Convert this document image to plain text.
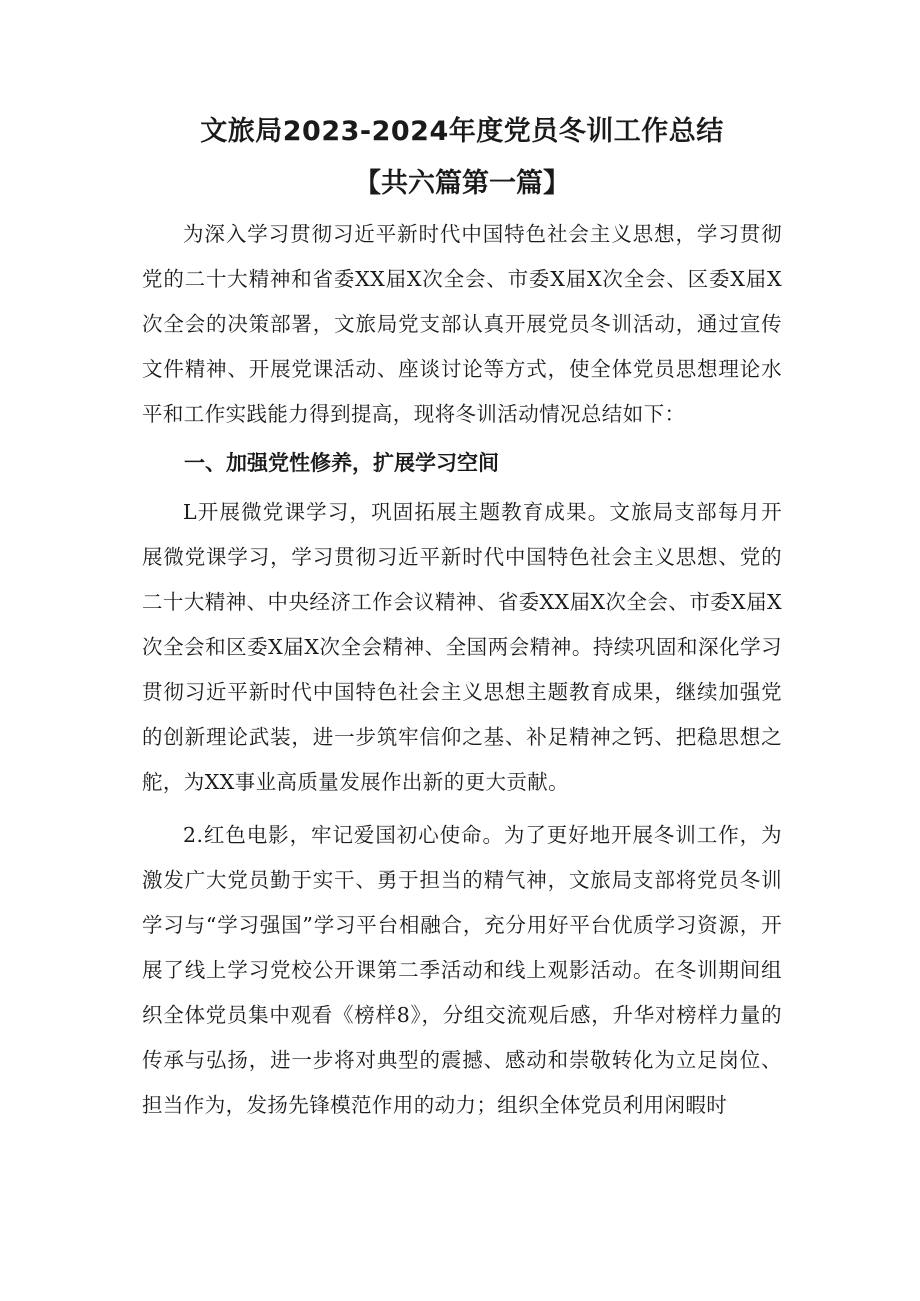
文旅局2023-2024年度党员冬训工作总结
【共六篇第一篇】

为深入学习贯彻习近平新时代中国特色社会主义思想，学习贯彻党的二十大精神和省委XX届X次全会、市委X届X次全会、区委X届X次全会的决策部署，文旅局党支部认真开展党员冬训活动，通过宣传文件精神、开展党课活动、座谈讨论等方式，使全体党员思想理论水平和工作实践能力得到提高，现将冬训活动情况总结如下：

一、加强党性修养，扩展学习空间

L开展微党课学习，巩固拓展主题教育成果。文旅局支部每月开展微党课学习，学习贯彻习近平新时代中国特色社会主义思想、党的二十大精神、中央经济工作会议精神、省委XX届X次全会、市委X届X次全会和区委X届X次全会精神、全国两会精神。持续巩固和深化学习贯彻习近平新时代中国特色社会主义思想主题教育成果，继续加强党的创新理论武装，进一步筑牢信仰之基、补足精神之钙、把稳思想之舵，为XX事业高质量发展作出新的更大贡献。

2.红色电影，牢记爱国初心使命。为了更好地开展冬训工作，为激发广大党员勤于实干、勇于担当的精气神，文旅局支部将党员冬训学习与“学习强国”学习平台相融合，充分用好平台优质学习资源，开展了线上学习党校公开课第二季活动和线上观影活动。在冬训期间组织全体党员集中观看《榜样8》，分组交流观后感，升华对榜样力量的传承与弘扬，进一步将对典型的震撼、感动和崇敬转化为立足岗位、担当作为，发扬先锋模范作用的动力；组织全体党员利用闲暇时
